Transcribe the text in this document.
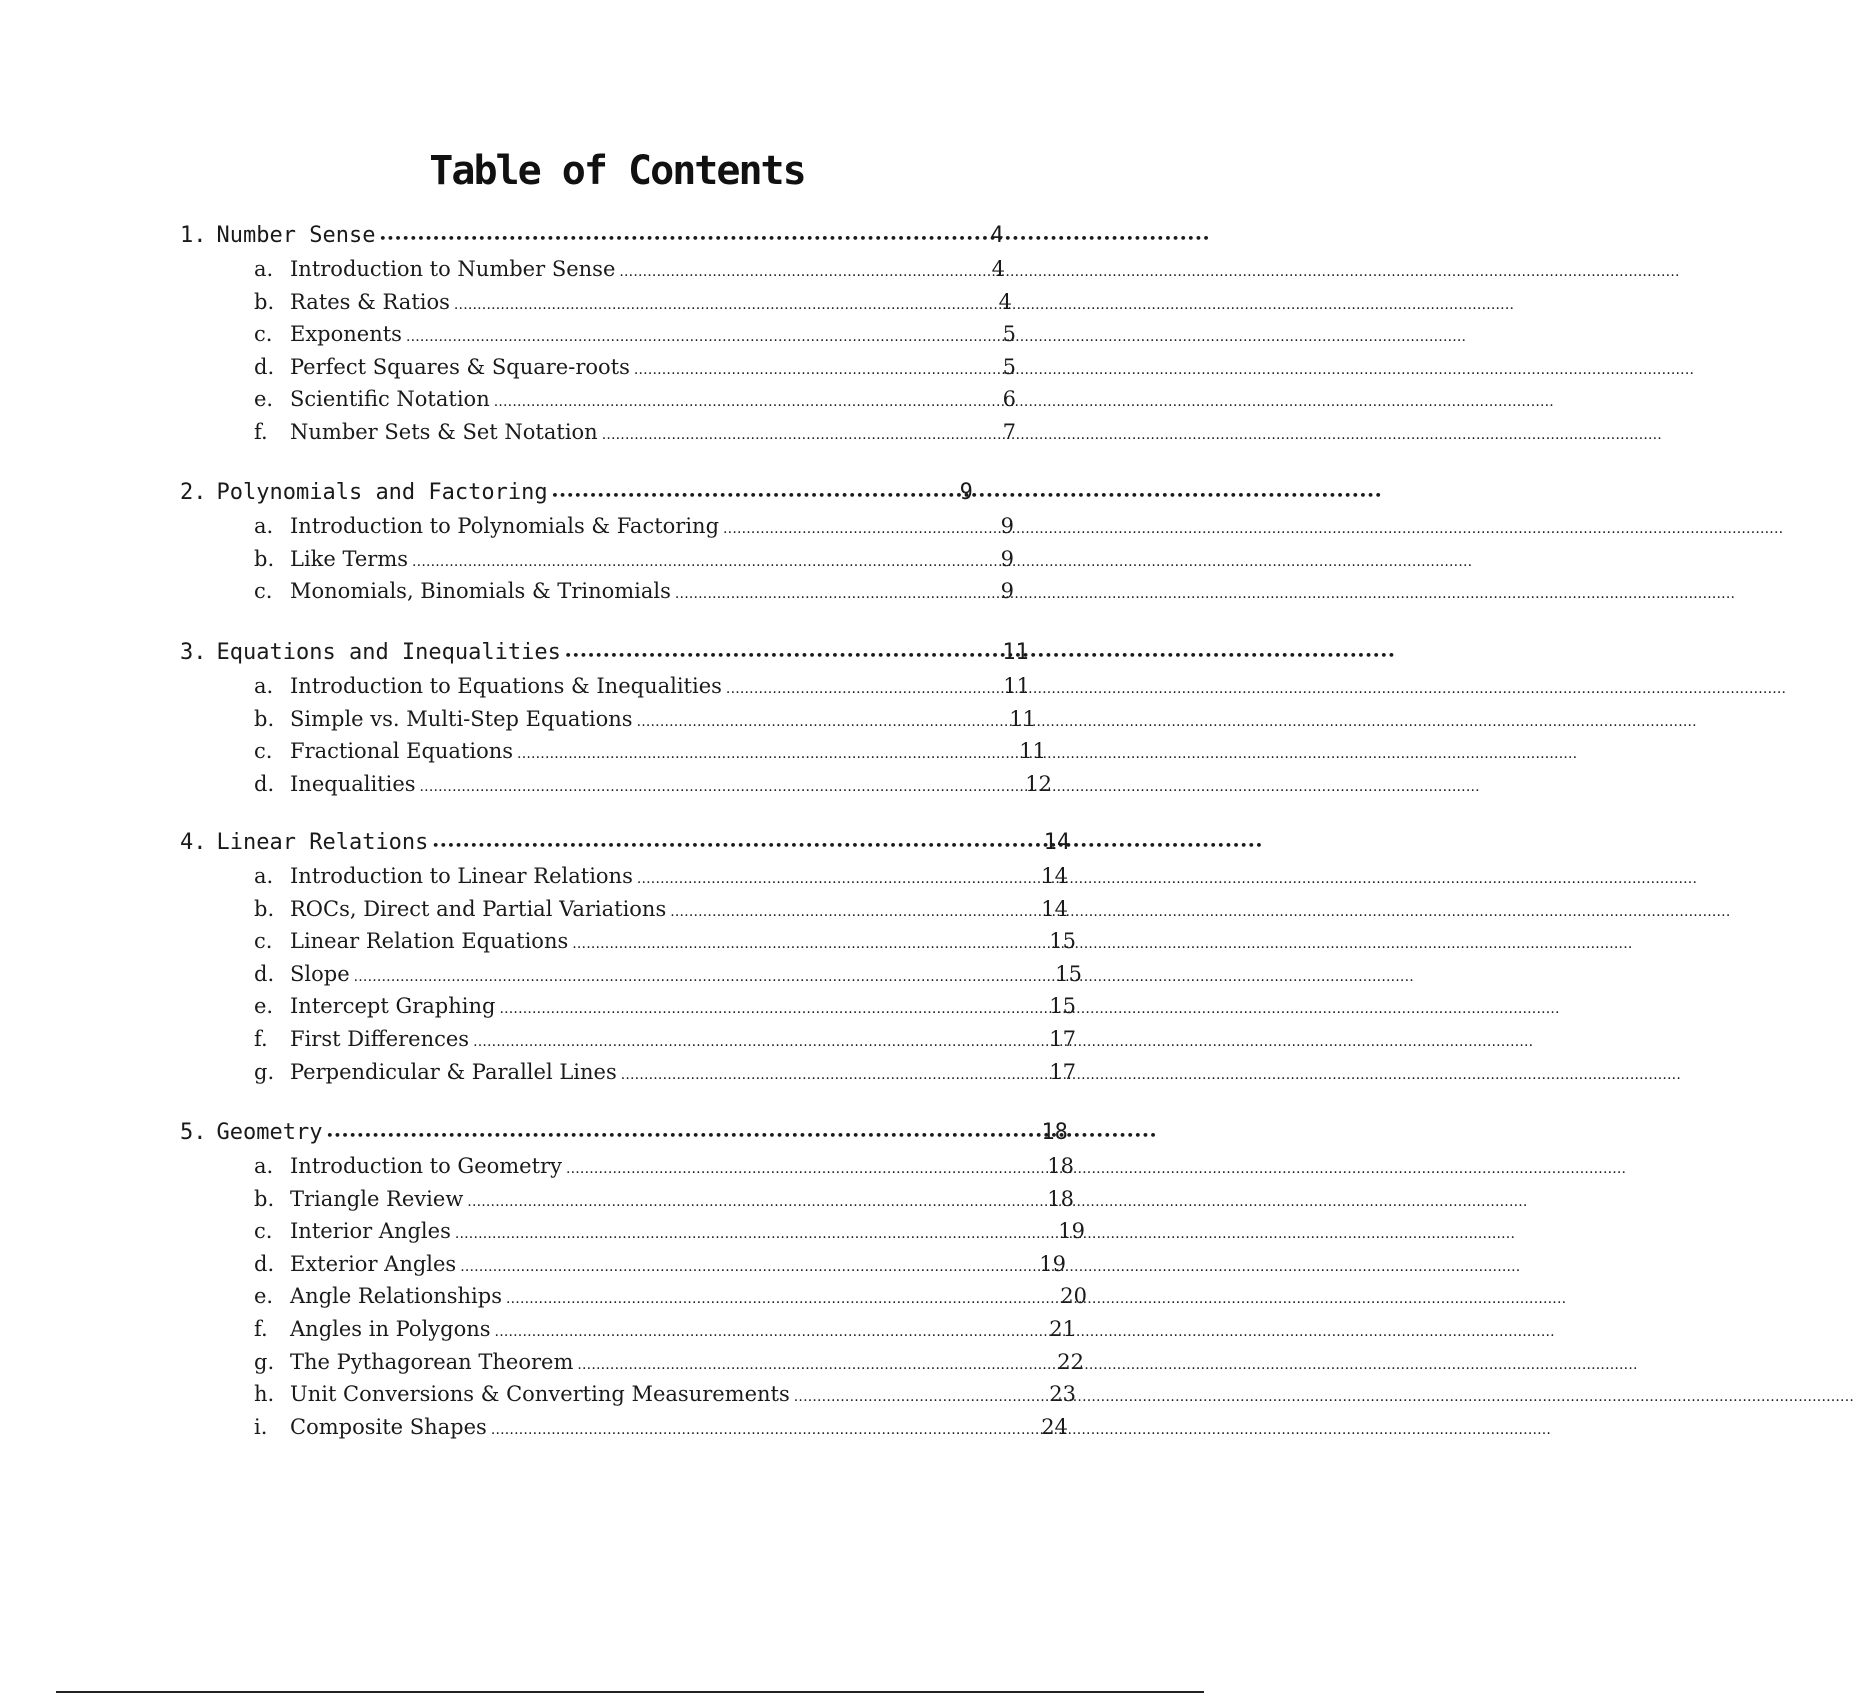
Table of Contents
1. Number Sense •••••	4
a. Introduction to Number Sense .....	4
b. Rates & Ratios .....	4
c. Exponents .....	5
d. Perfect Squares & Square-roots .....	5
e. Scientific Notation .....	6
f.	Number Sets & Set Notation .....	7
2. Polynomials and Factoring •••••	9
a. Introduction to Polynomials & Factoring .....	9
b. Like Terms .....	9
c. Monomials, Binomials & Trinomials .....	9
3. Equations and Inequalities •••••	11
a. Introduction to Equations & Inequalities .....	11
b. Simple vs. Multi-Step Equations .....	11
c. Fractional Equations .....	11
d. Inequalities .....	12
4. Linear Relations •••••	14
a. Introduction to Linear Relations .....	14
b. ROCs, Direct and Partial Variations .....	14
c. Linear Relation Equations .....	15
d. Slope .....	15
e. Intercept Graphing .....	15
f.	First Differences .....	17
g. Perpendicular & Parallel Lines .....	17
5. Geometry •••••	18
a. Introduction to Geometry .....	18
b. Triangle Review .....	18
c. Interior Angles .....	19
d. Exterior Angles .....	19
e. Angle Relationships .....	20
f.	Angles in Polygons .....	21
g. The Pythagorean Theorem .....	22
h. Unit Conversions & Converting Measurements .....	23
i.	Composite Shapes .....	24
